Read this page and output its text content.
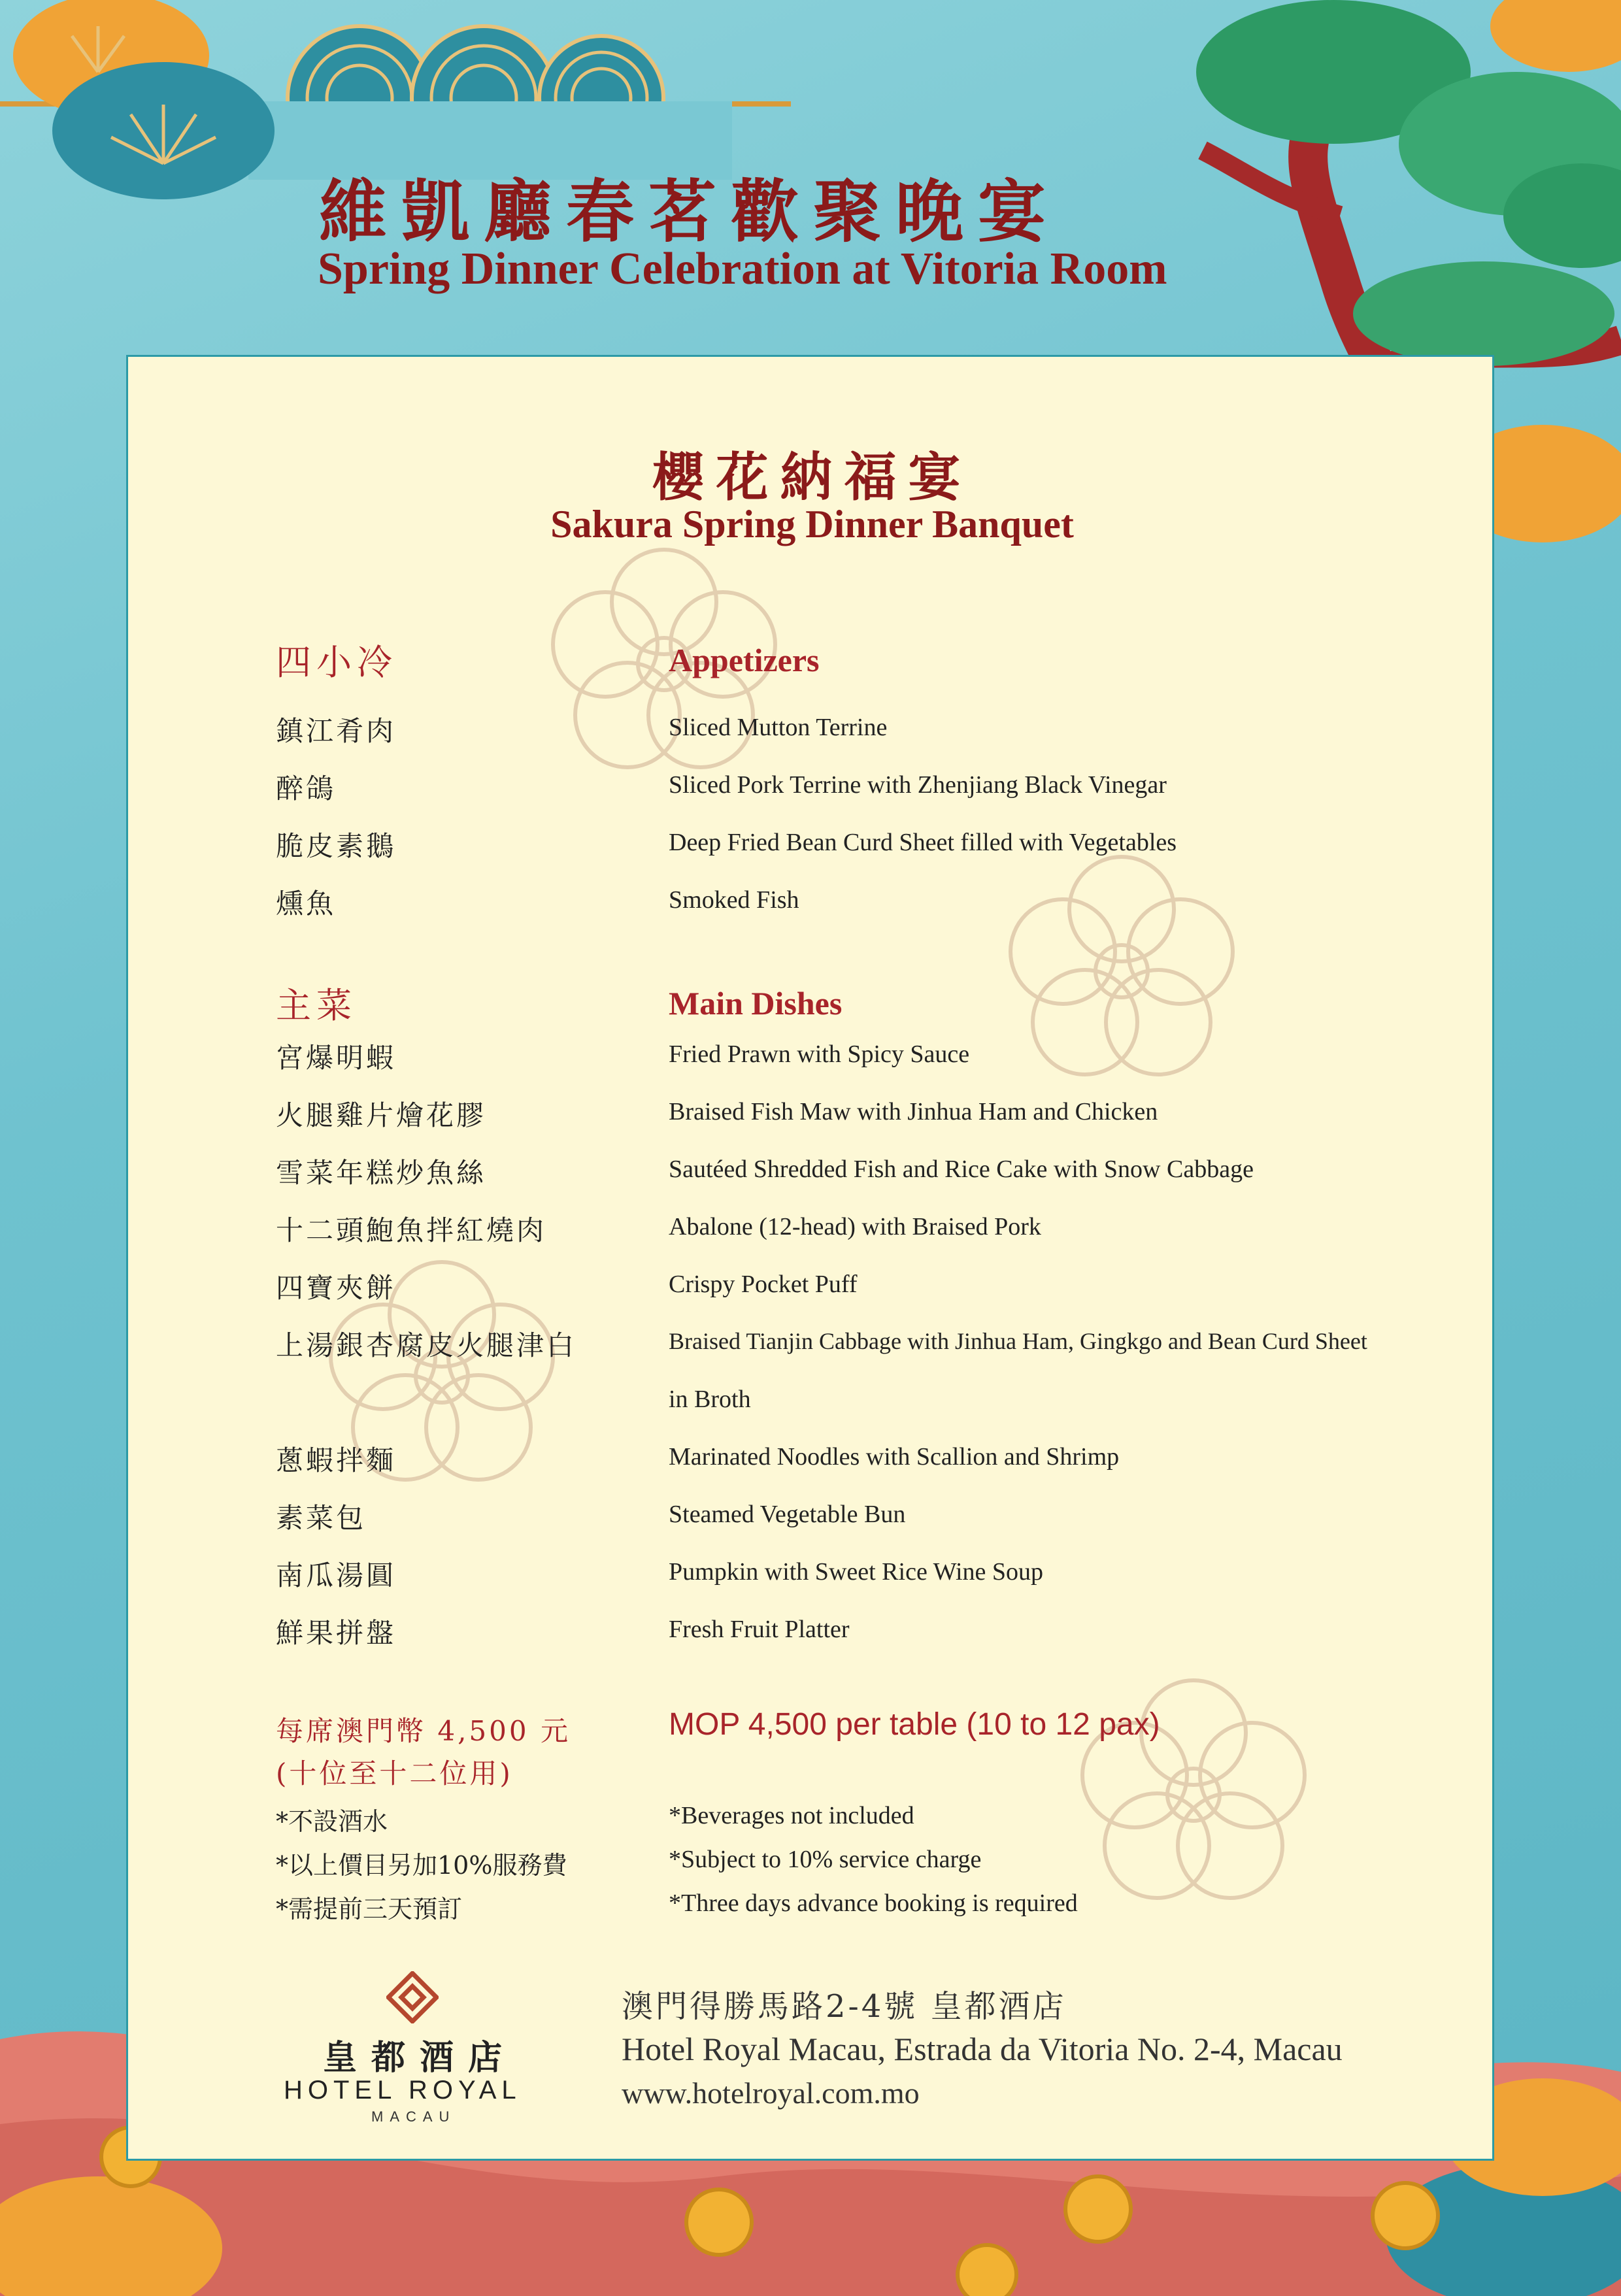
維凱廳春茗歡聚晚宴
Spring Dinner Celebration at Vitoria Room
櫻花納福宴
Sakura Spring Dinner Banquet
四小冷	Appetizers
鎮江肴肉	Sliced Mutton Terrine
醉鴿	Sliced Pork Terrine with Zhenjiang Black Vinegar
脆皮素鵝	Deep Fried Bean Curd Sheet filled with Vegetables
燻魚	Smoked Fish
主菜	Main Dishes
宮爆明蝦	Fried Prawn with Spicy Sauce
火腿雞片燴花膠	Braised Fish Maw with Jinhua Ham and Chicken
雪菜年糕炒魚絲	Sautéed Shredded Fish and Rice Cake with Snow Cabbage
十二頭鮑魚拌紅燒肉	Abalone (12-head) with Braised Pork
四寶夾餅	Crispy Pocket Puff
上湯銀杏腐皮火腿津白	Braised Tianjin Cabbage with Jinhua Ham, Gingkgo and Bean Curd Sheet
in Broth
蔥蝦拌麵	Marinated Noodles with Scallion and Shrimp
素菜包	Steamed Vegetable Bun
南瓜湯圓	Pumpkin with Sweet Rice Wine Soup
鮮果拼盤	Fresh Fruit Platter
每席澳門幣 4,500 元
(十位至十二位用)
MOP 4,500 per table (10 to 12 pax)
*不設酒水	*Beverages not included
*以上價目另加10%服務費	*Subject to 10% service charge
*需提前三天預訂	*Three days advance booking is required
皇都酒店
HOTEL ROYAL
MACAU
澳門得勝馬路2-4號 皇都酒店
Hotel Royal Macau, Estrada da Vitoria No. 2-4, Macau
www.hotelroyal.com.mo
